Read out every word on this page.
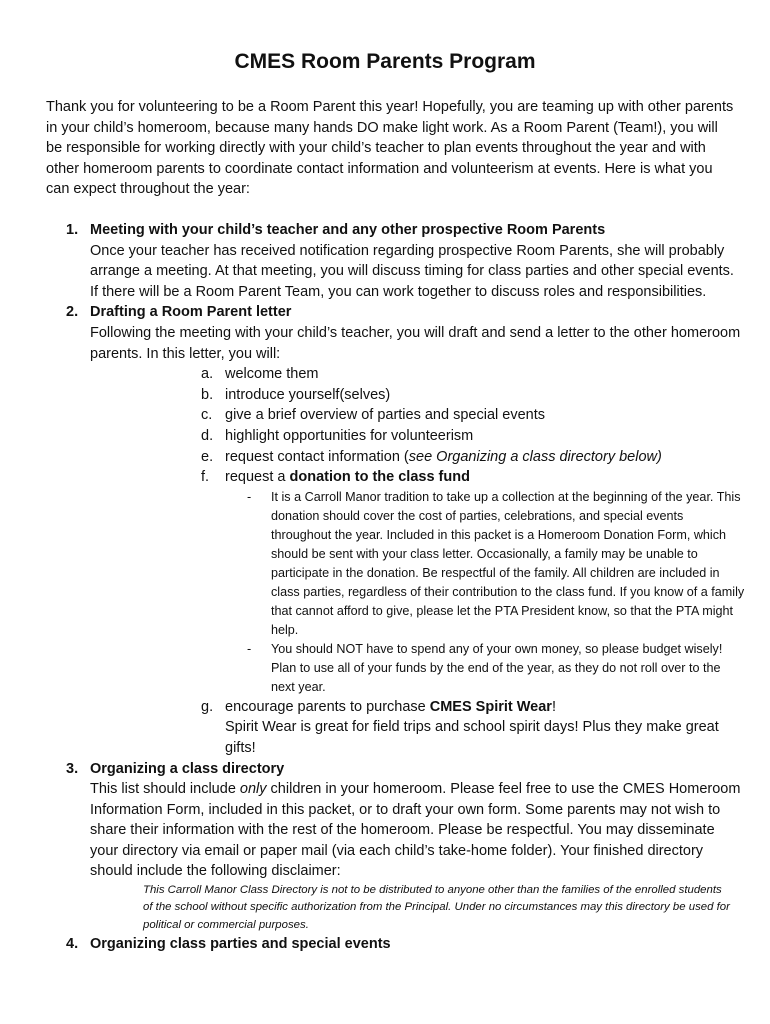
CMES Room Parents Program

Thank you for volunteering to be a Room Parent this year! Hopefully, you are teaming up with other parents in your child’s homeroom, because many hands DO make light work. As a Room Parent (Team!), you will be responsible for working directly with your child’s teacher to plan events throughout the year and with other homeroom parents to coordinate contact information and volunteerism at events. Here is what you can expect throughout the year:

1. Meeting with your child’s teacher and any other prospective Room Parents
Once your teacher has received notification regarding prospective Room Parents, she will probably arrange a meeting. At that meeting, you will discuss timing for class parties and other special events. If there will be a Room Parent Team, you can work together to discuss roles and responsibilities.
2. Drafting a Room Parent letter
Following the meeting with your child’s teacher, you will draft and send a letter to the other homeroom parents. In this letter, you will:
a. welcome them
b. introduce yourself(selves)
c. give a brief overview of parties and special events
d. highlight opportunities for volunteerism
e. request contact information (see Organizing a class directory below)
f. request a donation to the class fund
- It is a Carroll Manor tradition to take up a collection at the beginning of the year. This donation should cover the cost of parties, celebrations, and special events throughout the year. Included in this packet is a Homeroom Donation Form, which should be sent with your class letter. Occasionally, a family may be unable to participate in the donation. Be respectful of the family. All children are included in class parties, regardless of their contribution to the class fund. If you know of a family that cannot afford to give, please let the PTA President know, so that the PTA might help.
- You should NOT have to spend any of your own money, so please budget wisely! Plan to use all of your funds by the end of the year, as they do not roll over to the next year.
g. encourage parents to purchase CMES Spirit Wear!
Spirit Wear is great for field trips and school spirit days! Plus they make great gifts!
3. Organizing a class directory
This list should include only children in your homeroom. Please feel free to use the CMES Homeroom Information Form, included in this packet, or to draft your own form. Some parents may not wish to share their information with the rest of the homeroom. Please be respectful. You may disseminate your directory via email or paper mail (via each child’s take-home folder). Your finished directory should include the following disclaimer:
This Carroll Manor Class Directory is not to be distributed to anyone other than the families of the enrolled students of the school without specific authorization from the Principal. Under no circumstances may this directory be used for political or commercial purposes.
4. Organizing class parties and special events
